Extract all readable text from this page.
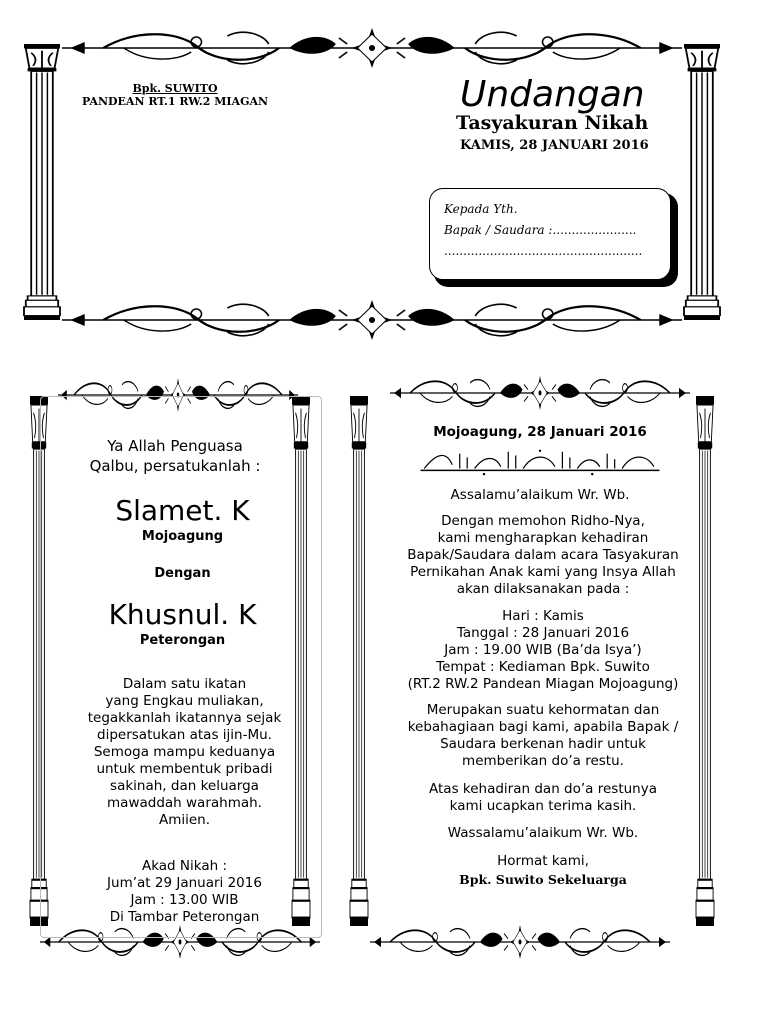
Bpk. SUWITO
PANDEAN RT.1 RW.2 MIAGAN	Undangan
Tasyakuran Nikah
KAMIS, 28 JANUARI 2016
Kepada Yth.
Bapak / Saudara :......................
....................................................
Ya Allah Penguasa
Qalbu, persatukanlah :
Slamet. K
Mojoagung
Dengan
Khusnul. K
Peterongan
Dalam satu ikatan
yang Engkau muliakan,
tegakkanlah ikatannya sejak
dipersatukan atas ijin-Mu.
Semoga mampu keduanya
untuk membentuk pribadi
sakinah, dan keluarga
mawaddah warahmah.
Amiien.
Akad Nikah :
Jum’at 29 Januari 2016
Jam : 13.00 WIB
Di Tambar Peterongan
Mojoagung, 28 Januari 2016
Assalamu’alaikum Wr. Wb.
Dengan memohon Ridho-Nya,
kami mengharapkan kehadiran
Bapak/Saudara dalam acara Tasyakuran
Pernikahan Anak kami yang Insya Allah
akan dilaksanakan pada :
Hari : Kamis
Tanggal : 28 Januari 2016
Jam : 19.00 WIB (Ba’da Isya’)
Tempat : Kediaman Bpk. Suwito
(RT.2 RW.2 Pandean Miagan Mojoagung)
Merupakan suatu kehormatan dan
kebahagiaan bagi kami, apabila Bapak /
Saudara berkenan hadir untuk
memberikan do’a restu.
Atas kehadiran dan do’a restunya
kami ucapkan terima kasih.
Wassalamu’alaikum Wr. Wb.
Hormat kami,
Bpk. Suwito Sekeluarga
